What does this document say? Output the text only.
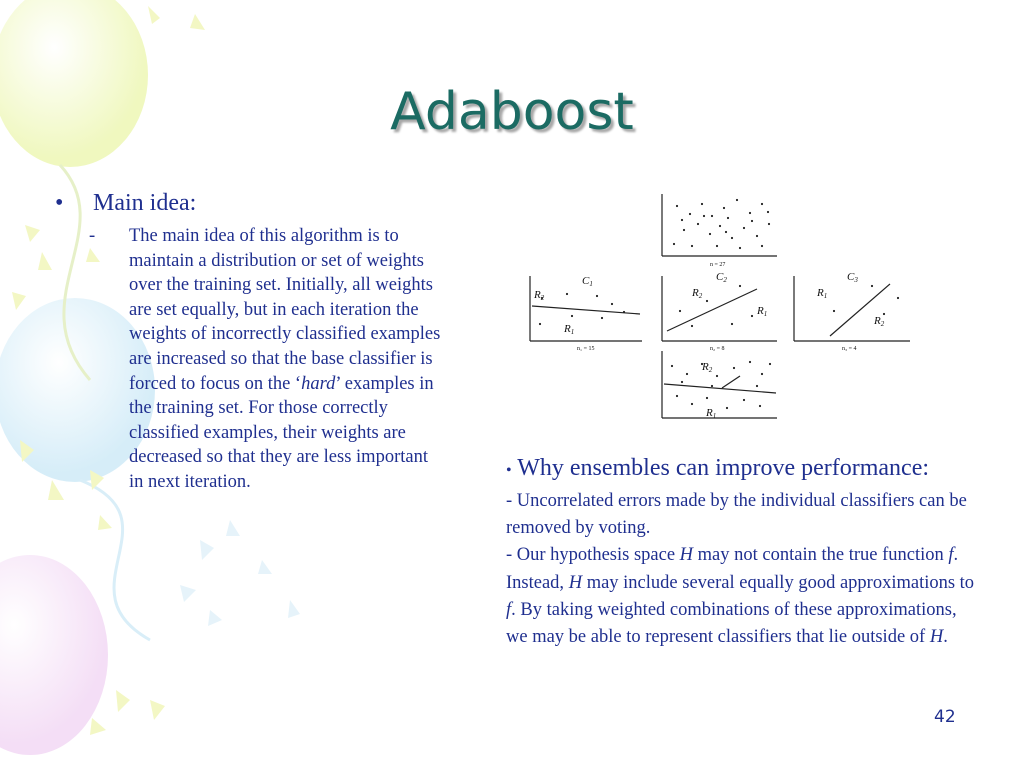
Adaboost
•	Main idea:
-	The main idea of this algorithm is to maintain a distribution or set of weights over the training set. Initially, all weights are set equally, but in each iteration the weights of incorrectly classified examples are increased so that the base classifier is forced to focus on the ‘hard’ examples in the training set. For those correctly classified examples, their weights are decreased so that they are less important in next iteration.
C1
R2
R1
C2
R2
R1
C3
R1
R2
R2
R1
n = 27
n₁ = 15	n₂ = 8	n₃ = 4
• Why ensembles can improve performance:
- Uncorrelated errors made by the individual classifiers can be removed by voting.
- Our hypothesis space H may not contain the true function f. Instead, H may include several equally good approximations to f. By taking weighted combinations of these approximations, we may be able to represent classifiers that lie outside of H.
42
